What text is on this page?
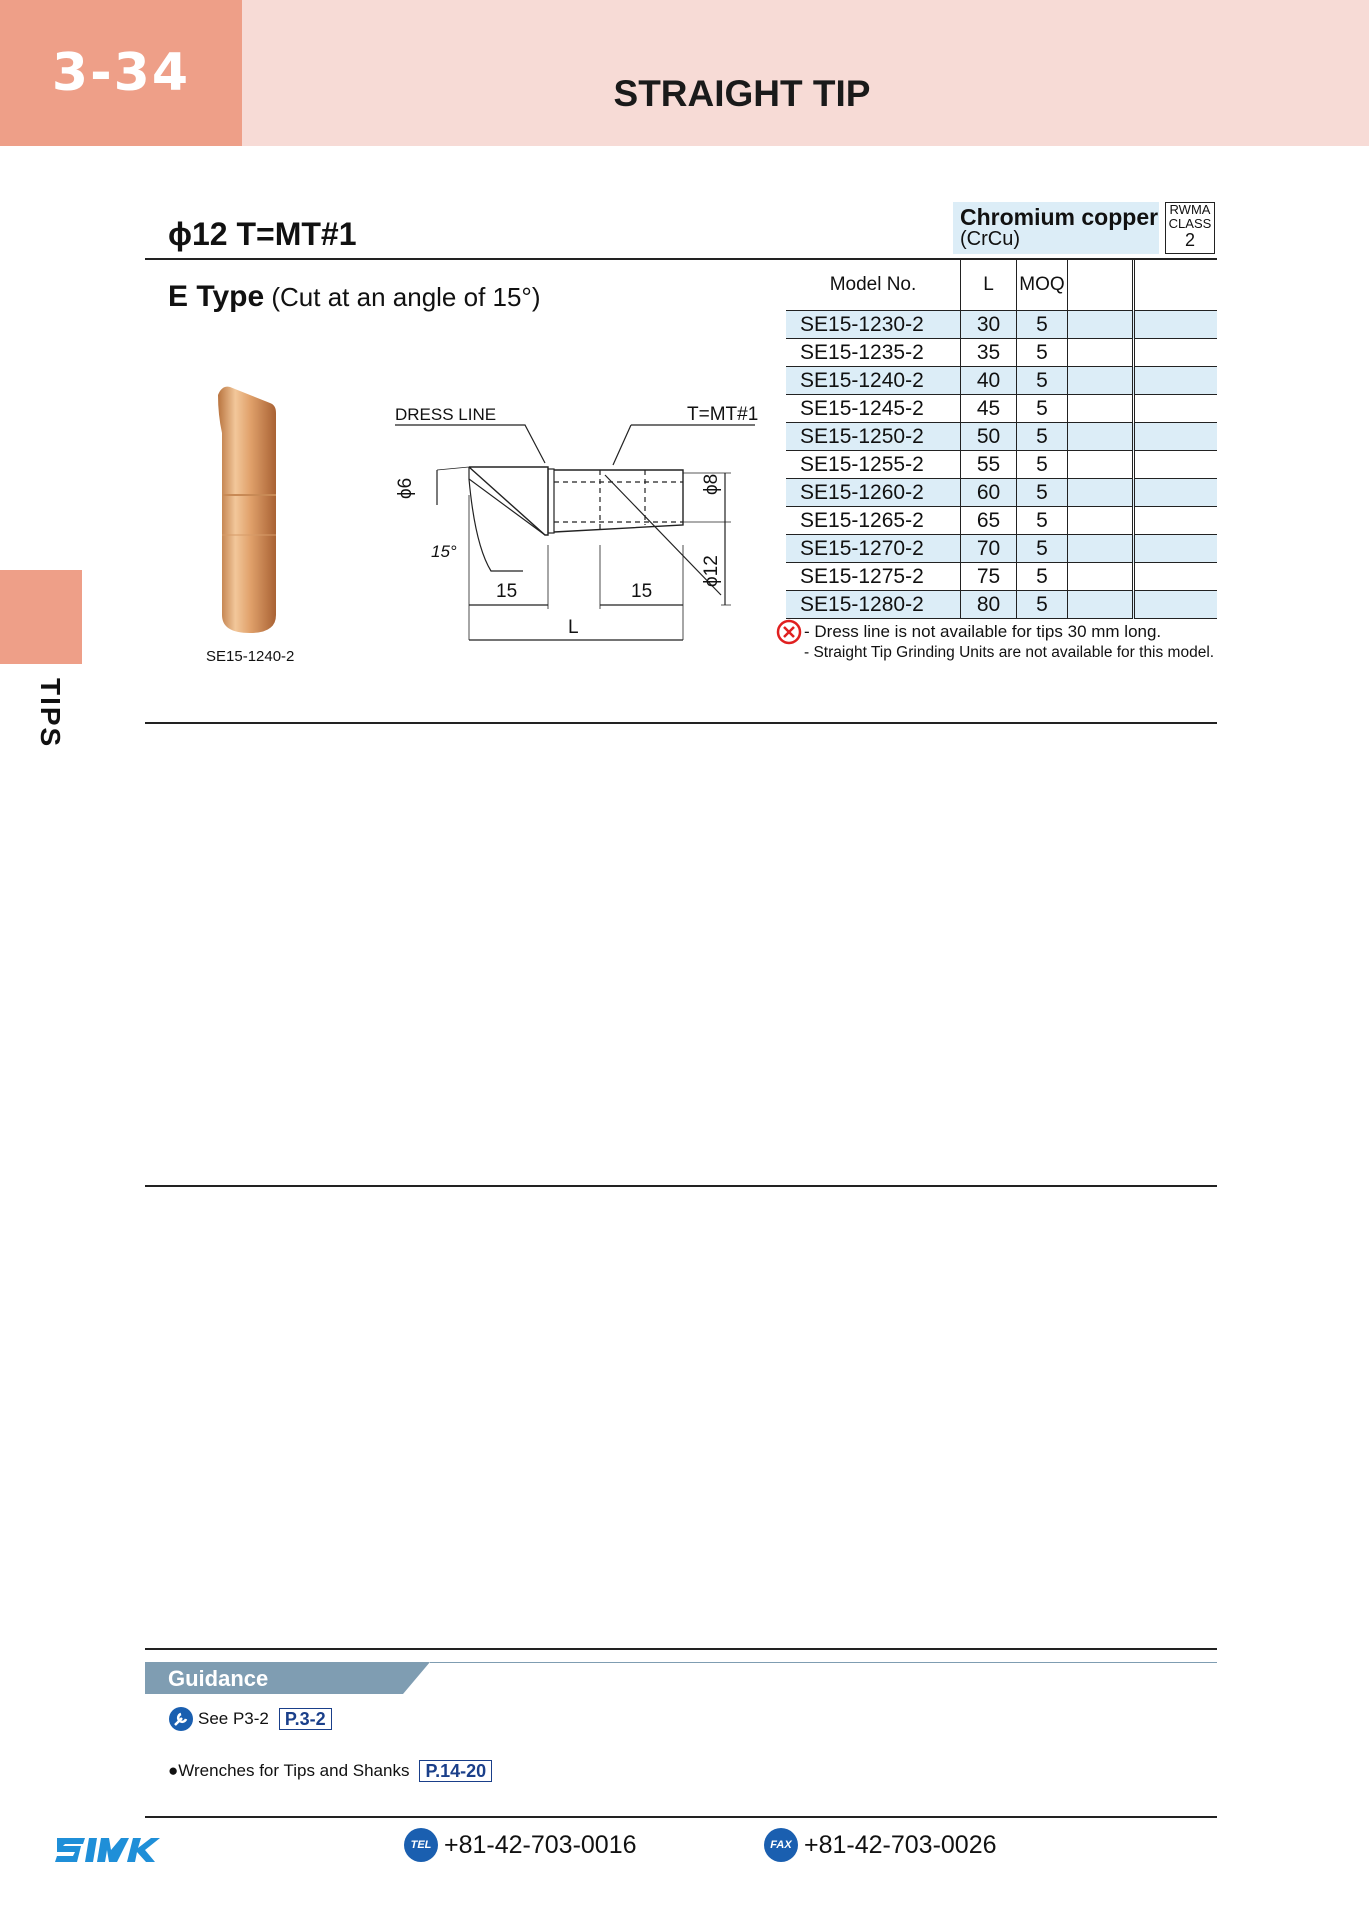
3-34	STRAIGHT TIP
TIPS
ϕ12 T=MT#1	Chromium copper
(CrCu)
RWMA
CLASS
2
E Type (Cut at an angle of 15°)
SE15-1240-2
DRESS LINE	T=MT#1
ϕ6	ϕ8
ϕ12
15°
15	15
L
Model No.	L	MOQ		
SE15-1230-2	30	5		
SE15-1235-2	35	5		
SE15-1240-2	40	5		
SE15-1245-2	45	5		
SE15-1250-2	50	5		
SE15-1255-2	55	5		
SE15-1260-2	60	5		
SE15-1265-2	65	5		
SE15-1270-2	70	5		
SE15-1275-2	75	5		
SE15-1280-2	80	5		
- Dress line is not available for tips 30 mm long.
- Straight Tip Grinding Units are not available for this model.
Guidance
See P3-2 P.3-2
●Wrenches for Tips and Shanks P.14-20
TEL +81-42-703-0016	FAX +81-42-703-0026
